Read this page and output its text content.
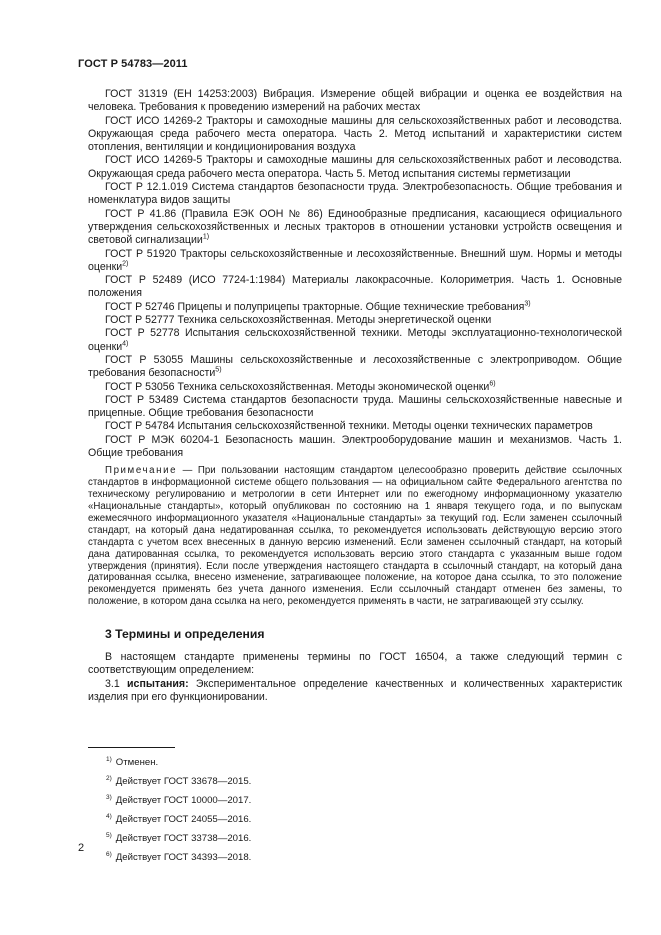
ГОСТ Р 54783—2011

ГОСТ 31319 (ЕН 14253:2003) Вибрация. Измерение общей вибрации и оценка ее воздействия на человека. Требования к проведению измерений на рабочих местах

ГОСТ ИСО 14269-2 Тракторы и самоходные машины для сельскохозяйственных работ и лесоводства. Окружающая среда рабочего места оператора. Часть 2. Метод испытаний и характеристики систем отопления, вентиляции и кондиционирования воздуха

ГОСТ ИСО 14269-5 Тракторы и самоходные машины для сельскохозяйственных работ и лесоводства. Окружающая среда рабочего места оператора. Часть 5. Метод испытания системы герметизации

ГОСТ Р 12.1.019 Система стандартов безопасности труда. Электробезопасность. Общие требования и номенклатура видов защиты

ГОСТ Р 41.86 (Правила ЕЭК ООН № 86) Единообразные предписания, касающиеся официального утверждения сельскохозяйственных и лесных тракторов в отношении установки устройств освещения и световой сигнализации$^{1)}$

ГОСТ Р 51920 Тракторы сельскохозяйственные и лесохозяйственные. Внешний шум. Нормы и методы оценки$^{2)}$

ГОСТ Р 52489 (ИСО 7724-1:1984) Материалы лакокрасочные. Колориметрия. Часть 1. Основные положения

ГОСТ Р 52746 Прицепы и полуприцепы тракторные. Общие технические требования$^{3)}$

ГОСТ Р 52777 Техника сельскохозяйственная. Методы энергетической оценки

ГОСТ Р 52778 Испытания сельскохозяйственной техники. Методы эксплуатационно-технологической оценки$^{4)}$

ГОСТ Р 53055 Машины сельскохозяйственные и лесохозяйственные с электроприводом. Общие требования безопасности$^{5)}$

ГОСТ Р 53056 Техника сельскохозяйственная. Методы экономической оценки$^{6)}$

ГОСТ Р 53489 Система стандартов безопасности труда. Машины сельскохозяйственные навесные и прицепные. Общие требования безопасности

ГОСТ Р 54784 Испытания сельскохозяйственной техники. Методы оценки технических параметров

ГОСТ Р МЭК 60204-1 Безопасность машин. Электрооборудование машин и механизмов. Часть 1. Общие требования

Примечание — При пользовании настоящим стандартом целесообразно проверить действие ссылочных стандартов в информационной системе общего пользования — на официальном сайте Федерального агентства по техническому регулированию и метрологии в сети Интернет или по ежегодному информационному указателю «Национальные стандарты», который опубликован по состоянию на 1 января текущего года, и по выпускам ежемесячного информационного указателя «Национальные стандарты» за текущий год. Если заменен ссылочный стандарт, на который дана недатированная ссылка, то рекомендуется использовать действующую версию этого стандарта с учетом всех внесенных в данную версию изменений. Если заменен ссылочный стандарт, на который дана датированная ссылка, то рекомендуется использовать версию этого стандарта с указанным выше годом утверждения (принятия). Если после утверждения настоящего стандарта в ссылочный стандарт, на который дана датированная ссылка, внесено изменение, затрагивающее положение, на которое дана ссылка, то это положение рекомендуется применять без учета данного изменения. Если ссылочный стандарт отменен без замены, то положение, в котором дана ссылка на него, рекомендуется применять в части, не затрагивающей эту ссылку.

3 Термины и определения

В настоящем стандарте применены термины по ГОСТ 16504, а также следующий термин с соответствующим определением:

3.1 испытания: Экспериментальное определение качественных и количественных характеристик изделия при его функционировании.

$^{1)}$ Отменен.
$^{2)}$ Действует ГОСТ 33678—2015.
$^{3)}$ Действует ГОСТ 10000—2017.
$^{4)}$ Действует ГОСТ 24055—2016.
$^{5)}$ Действует ГОСТ 33738—2016.
$^{6)}$ Действует ГОСТ 34393—2018.
2
